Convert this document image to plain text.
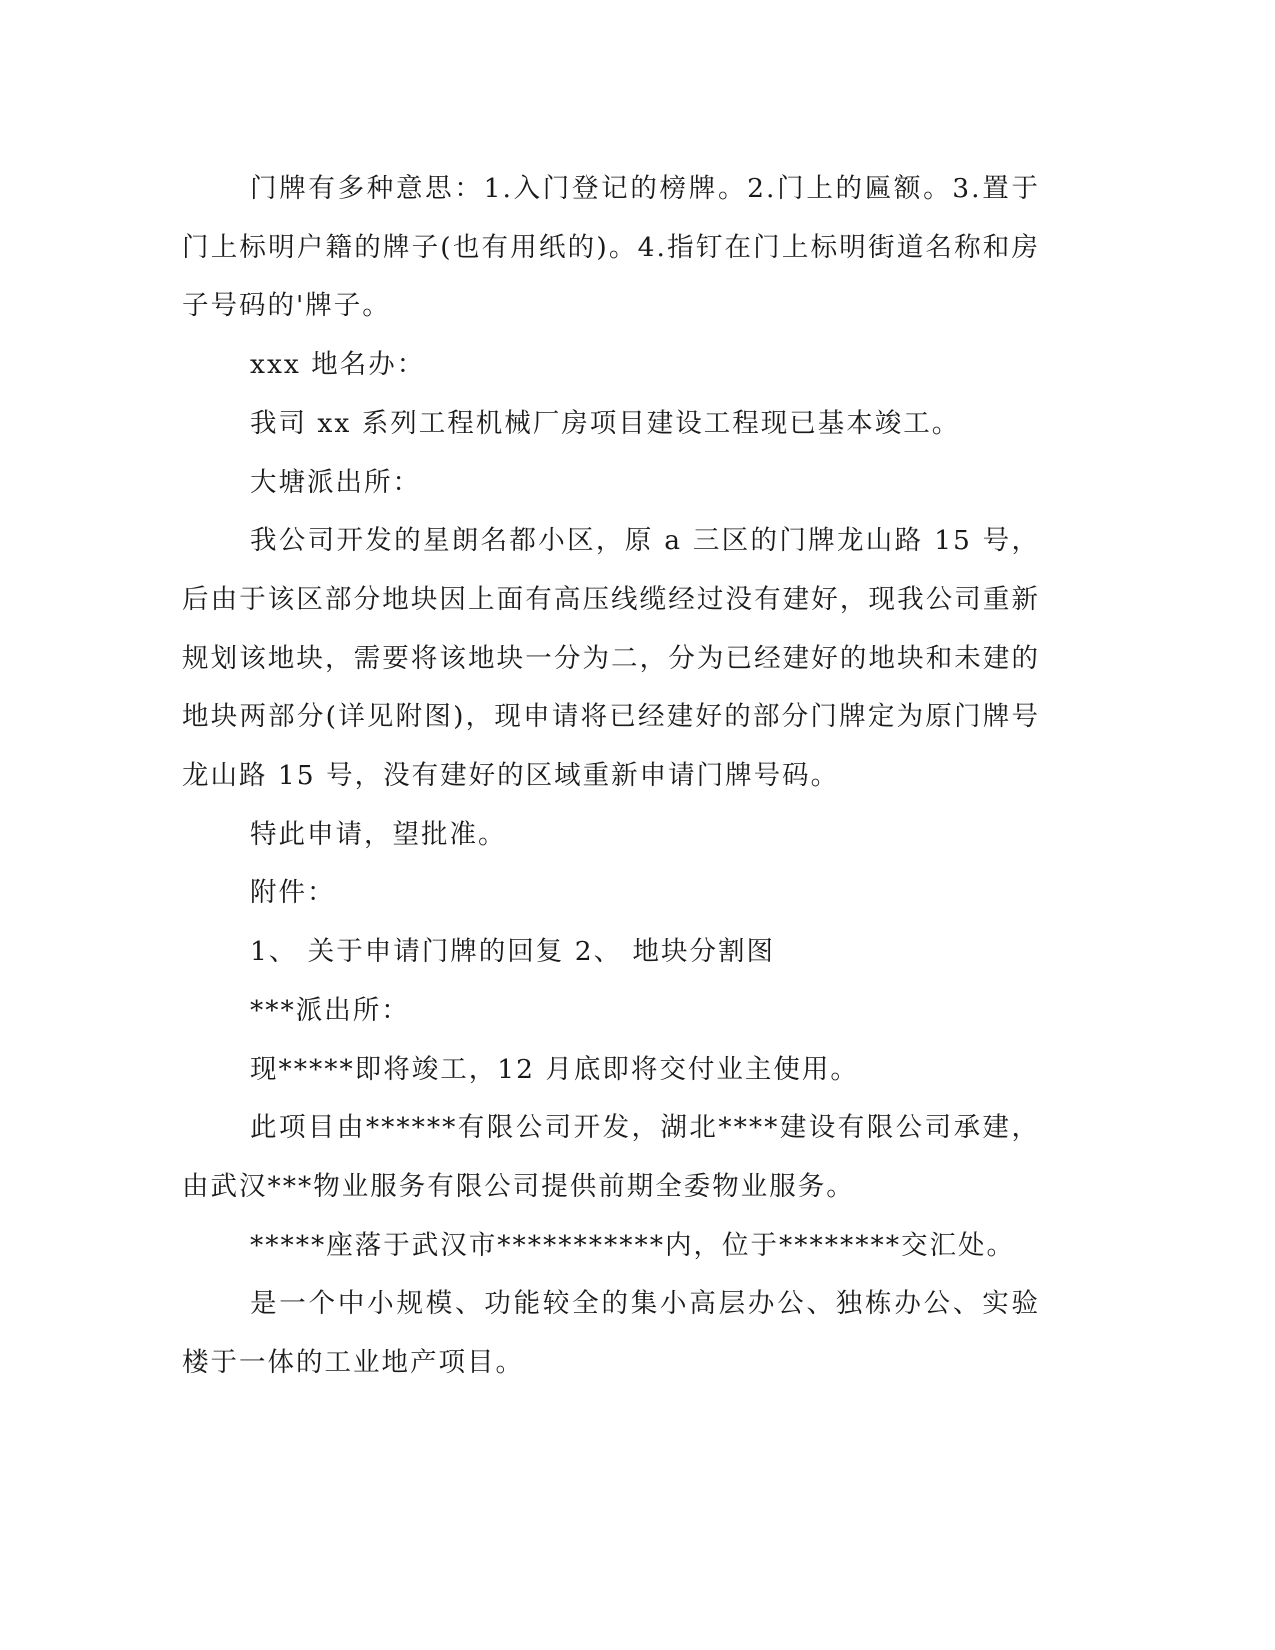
门牌有多种意思：1.入门登记的榜牌。2.门上的匾额。3.置于门上标明户籍的牌子(也有用纸的)。4.指钉在门上标明街道名称和房子号码的'牌子。

xxx 地名办：

我司 xx 系列工程机械厂房项目建设工程现已基本竣工。

大塘派出所：

我公司开发的星朗名都小区，原 a 三区的门牌龙山路 15 号，后由于该区部分地块因上面有高压线缆经过没有建好，现我公司重新规划该地块，需要将该地块一分为二，分为已经建好的地块和未建的地块两部分(详见附图)，现申请将已经建好的部分门牌定为原门牌号龙山路 15 号，没有建好的区域重新申请门牌号码。

特此申请，望批准。

附件：

1、 关于申请门牌的回复 2、 地块分割图

***派出所：

现*****即将竣工，12 月底即将交付业主使用。

此项目由******有限公司开发，湖北****建设有限公司承建，由武汉***物业服务有限公司提供前期全委物业服务。

*****座落于武汉市***********内，位于********交汇处。

是一个中小规模、功能较全的集小高层办公、独栋办公、实验楼于一体的工业地产项目。
